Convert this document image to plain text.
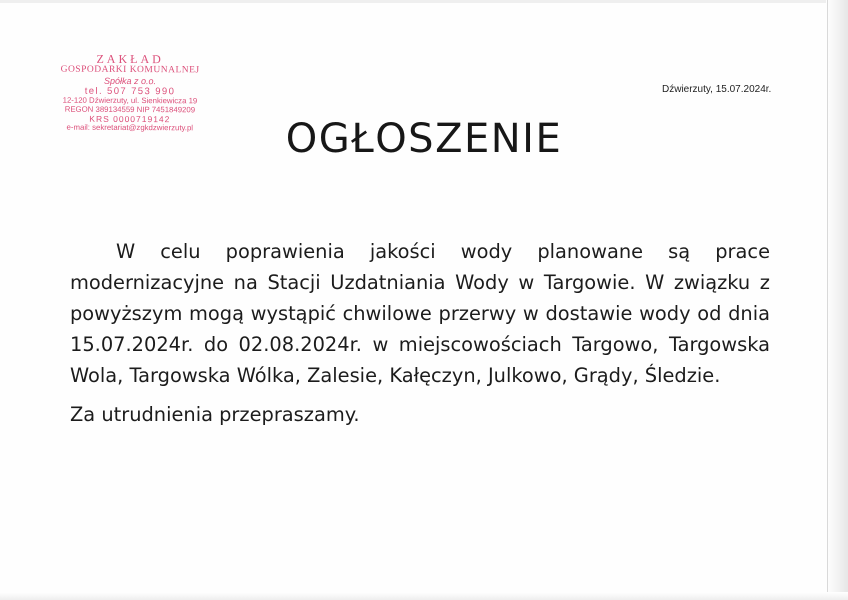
ZAKŁAD
GOSPODARKI KOMUNALNEJ
Spółka z o.o.
tel. 507 753 990
12-120 Dźwierzuty, ul. Sienkiewicza 19
REGON 389134559 NIP 7451849209
KRS 0000719142
e-mail: sekretariat@zgkdzwierzuty.pl
Dźwierzuty, 15.07.2024r.
OGŁOSZENIE

W celu poprawienia jakości wody planowane są prace modernizacyjne na Stacji Uzdatniania Wody w Targowie. W związku z powyższym mogą wystąpić chwilowe przerwy w dostawie wody od dnia 15.07.2024r. do 02.08.2024r. w miejscowościach Targowo, Targowska Wola, Targowska Wólka, Zalesie, Kałęczyn, Julkowo, Grądy, Śledzie.

Za utrudnienia przepraszamy.
